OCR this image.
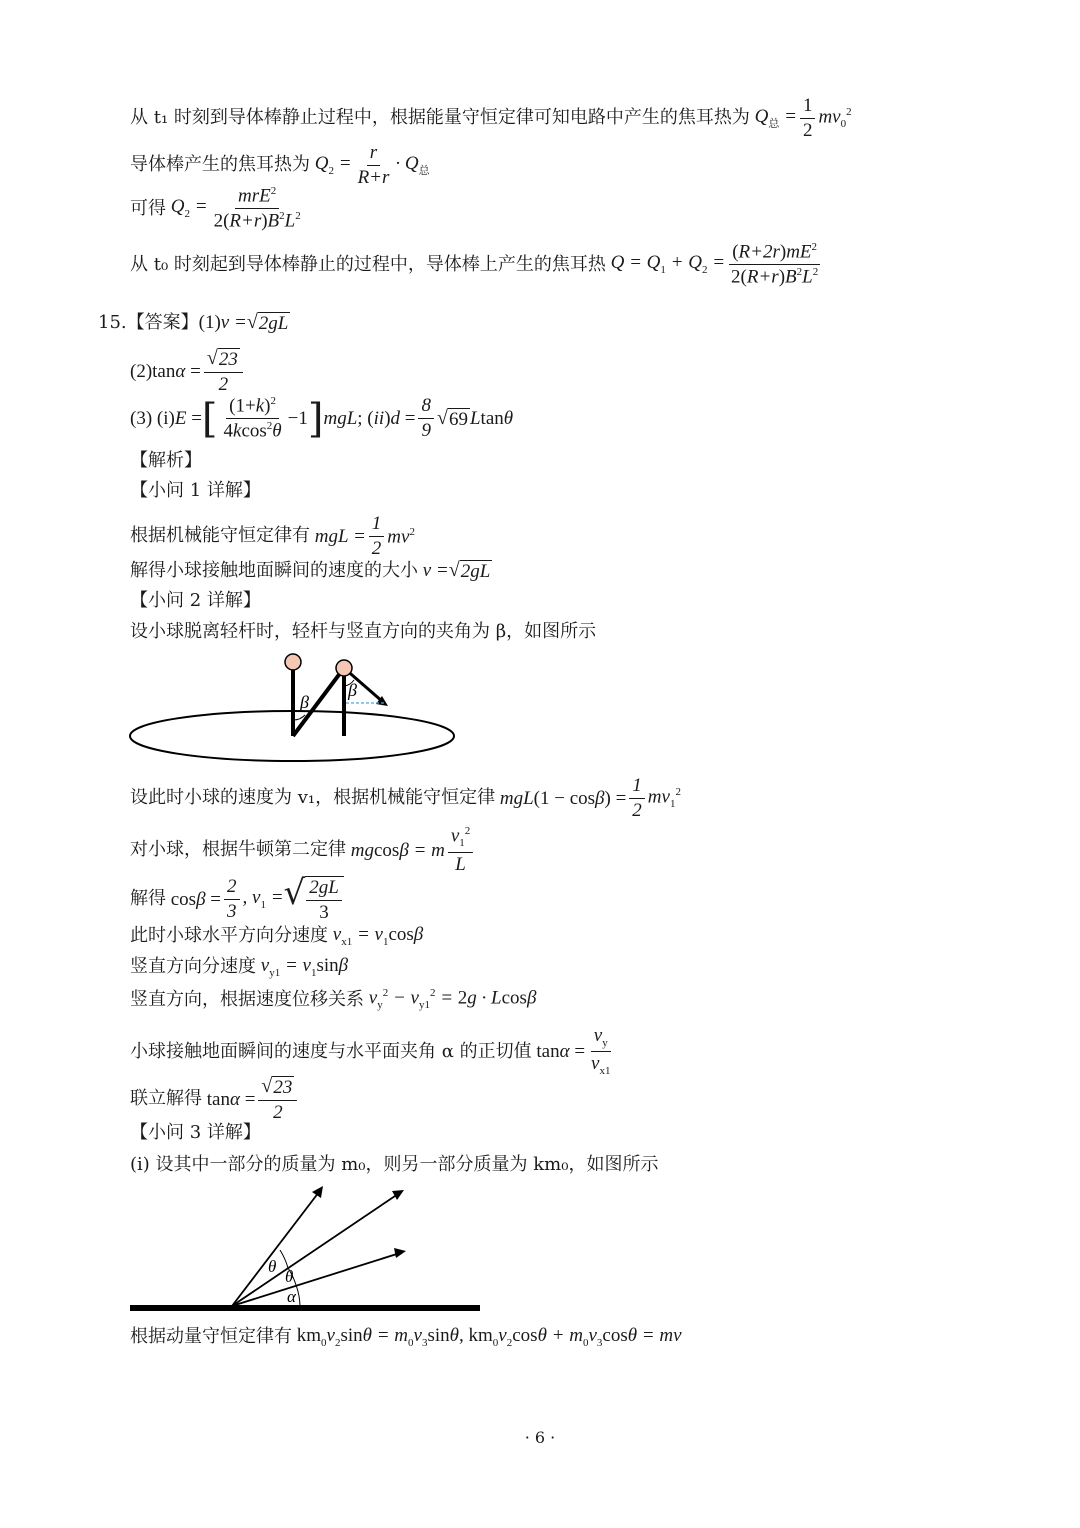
从 t₁ 时刻到导体棒静止过程中，根据能量守恒定律可知电路中产生的焦耳热为 $Q_总 = \frac{1}{2} mv_0^2$
导体棒产生的焦耳热为 $Q_2 = \frac{r}{R+r} \cdot Q_总$
可得 $Q_2 = \frac{mrE^2}{2(R+r)B^2L^2}$
从 t₀ 时刻起到导体棒静止的过程中，导体棒上产生的焦耳热 $Q = Q_1 + Q_2 = \frac{(R+2r)mE^2}{2(R+r)B^2L^2}$
15.【答案】 (1) v = √ 2gL
$(2)\tan\alpha = \frac{√ 23}{2}$
(3) (i)E = [ $\frac{(1+k)^2}{4kcos^2\theta} -1$ ] mgL ; $(ii)d = \frac{8}{9}$ √ 69 Ltanθ
【解析】
【小问 1 详解】
根据机械能守恒定律有 mgL = $\frac{1}{2} mv^2$
解得小球接触地面瞬间的速度的大小 v = √ 2gL
【小问 2 详解】
设小球脱离轻杆时，轻杆与竖直方向的夹角为 β，如图所示
β
β
设此时小球的速度为 v₁，根据机械能守恒定律 $mgL(1 - \cos\beta) = \frac{1}{2} mv_1^2$
对小球，根据牛顿第二定律 mgcosβ = m $\frac{v_1^2}{L}$
解得 $\cos\beta = \frac{2}{3}$ , $v_1$ = √ $\frac{2gL}{3}$
此时小球水平方向分速度 $v_{x1} = v_1\cos\beta$
竖直方向分速度 $v_{y1} = v_1\sin\beta$
竖直方向，根据速度位移关系 $v_y^2 - v_{y1}^2 = 2g \cdot Lcos\beta$
小球接触地面瞬间的速度与水平面夹角 α 的正切值 $\tan\alpha = \frac{v_y}{v_{x1}}$
联立解得 $\tan\alpha = \frac{√ 23}{2}$
【小问 3 详解】
(i) 设其中一部分的质量为 m₀，则另一部分质量为 km₀，如图所示
θ
θ
α
根据动量守恒定律有 $km_0v_2\sin\theta = m_0v_3\sin\theta$, $km_0v_2\cos\theta + m_0v_3\cos\theta$ = mv
· 6 ·
